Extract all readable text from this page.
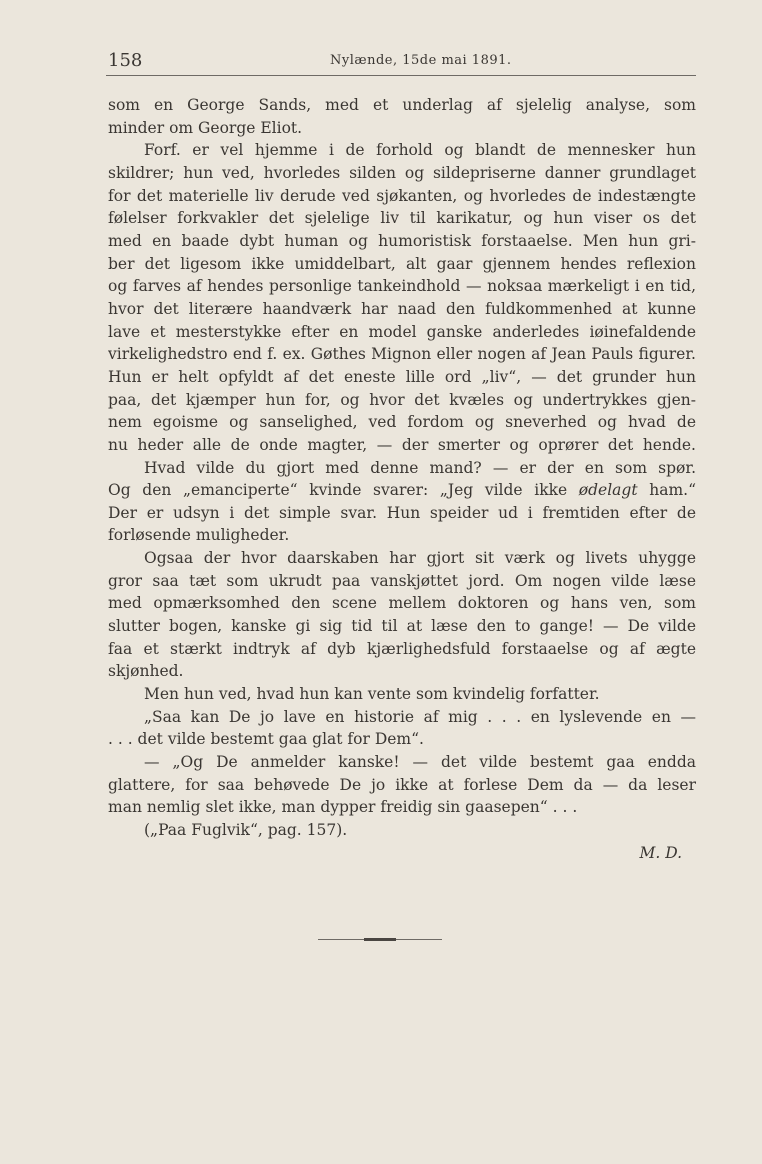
158	Nylænde, 15de mai 1891.
som en George Sands, med et underlag af sjelelig analyse, som
minder om George Eliot.
Forf. er vel hjemme i de forhold og blandt de mennesker hun
skildrer; hun ved, hvorledes silden og sildepriserne danner grundlaget
for det materielle liv derude ved sjøkanten, og hvorledes de indestængte
følelser forkvakler det sjelelige liv til karikatur, og hun viser os det
med en baade dybt human og humoristisk forstaaelse. Men hun gri-
ber det ligesom ikke umiddelbart, alt gaar gjennem hendes reflexion
og farves af hendes personlige tankeindhold — noksaa mærkeligt i en tid,
hvor det literære haandværk har naad den fuldkommenhed at kunne
lave et mesterstykke efter en model ganske anderledes iøinefaldende
virkelighedstro end f. ex. Gøthes Mignon eller nogen af Jean Pauls figurer.
Hun er helt opfyldt af det eneste lille ord „liv“, — det grunder hun
paa, det kjæmper hun for, og hvor det kvæles og undertrykkes gjen-
nem egoisme og sanselighed, ved fordom og sneverhed og hvad de
nu heder alle de onde magter, — der smerter og oprører det hende.
Hvad vilde du gjort med denne mand? — er der en som spør.
Og den „emanciperte“ kvinde svarer: „Jeg vilde ikke ødelagt ham.“
Der er udsyn i det simple svar. Hun speider ud i fremtiden efter de
forløsende muligheder.
Ogsaa der hvor daarskaben har gjort sit værk og livets uhygge
gror saa tæt som ukrudt paa vanskjøttet jord. Om nogen vilde læse
med opmærksomhed den scene mellem doktoren og hans ven, som
slutter bogen, kanske gi sig tid til at læse den to gange! — De vilde
faa et stærkt indtryk af dyb kjærlighedsfuld forstaaelse og af ægte
skjønhed.
Men hun ved, hvad hun kan vente som kvindelig forfatter.
„Saa kan De jo lave en historie af mig . . . en lyslevende en —
. . . det vilde bestemt gaa glat for Dem“.
— „Og De anmelder kanske! — det vilde bestemt gaa endda
glattere, for saa behøvede De jo ikke at forlese Dem da — da leser
man nemlig slet ikke, man dypper freidig sin gaasepen“ . . .
(„Paa Fuglvik“, pag. 157).
M. D.
